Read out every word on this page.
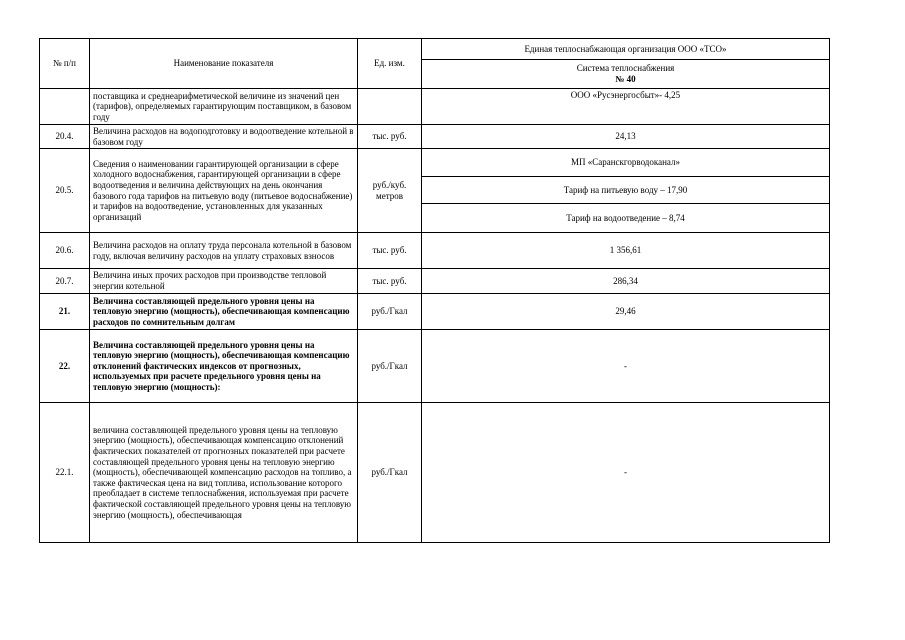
№ п/п	Наименование показателя	Ед. изм.	Единая теплоснабжающая организация ООО «ТСО»

			Система теплоснабжения
№ 40

	поставщика и среднеарифметической величине из значений цен (тарифов), определяемых гарантирующим поставщиком, в базовом году		ООО «Русэнергосбыт»- 4,25
20.4.	Величина расходов на водоподготовку и водоотведение котельной в базовом году	тыс. руб.	24,13
20.5.	Сведения о наименовании гарантирующей организации в сфере холодного водоснабжения, гарантирующей организации в сфере водоотведения и величина действующих на день окончания базового года тарифов на питьевую воду (питьевое водоснабжение) и тарифов на водоотведение, установленных для указанных организаций	руб./куб. метров	МП «Саранскгорводоканал»
			Тариф на питьевую воду – 17,90
			Тариф на водоотведение – 8,74
20.6.	Величина расходов на оплату труда персонала котельной в базовом году, включая величину расходов на уплату страховых взносов	тыс. руб.	1 356,61
20.7.	Величина иных прочих расходов при производстве тепловой энергии котельной	тыс. руб.	286,34
21.	Величина составляющей предельного уровня цены на тепловую энергию (мощность), обеспечивающая компенсацию расходов по сомнительным долгам	руб./Гкал	29,46
22.	Величина составляющей предельного уровня цены на тепловую энергию (мощность), обеспечивающая компенсацию отклонений фактических индексов от прогнозных, используемых при расчете предельного уровня цены на тепловую энергию (мощность):	руб./Гкал	-
22.1.	величина составляющей предельного уровня цены на тепловую энергию (мощность), обеспечивающая компенсацию отклонений фактических показателей от прогнозных показателей при расчете составляющей предельного уровня цены на тепловую энергию (мощность), обеспечивающей компенсацию расходов на топливо, а также фактическая цена на вид топлива, использование которого преобладает в системе теплоснабжения, используемая при расчете фактической составляющей предельного уровня цены на тепловую энергию (мощность), обеспечивающая	руб./Гкал	-
